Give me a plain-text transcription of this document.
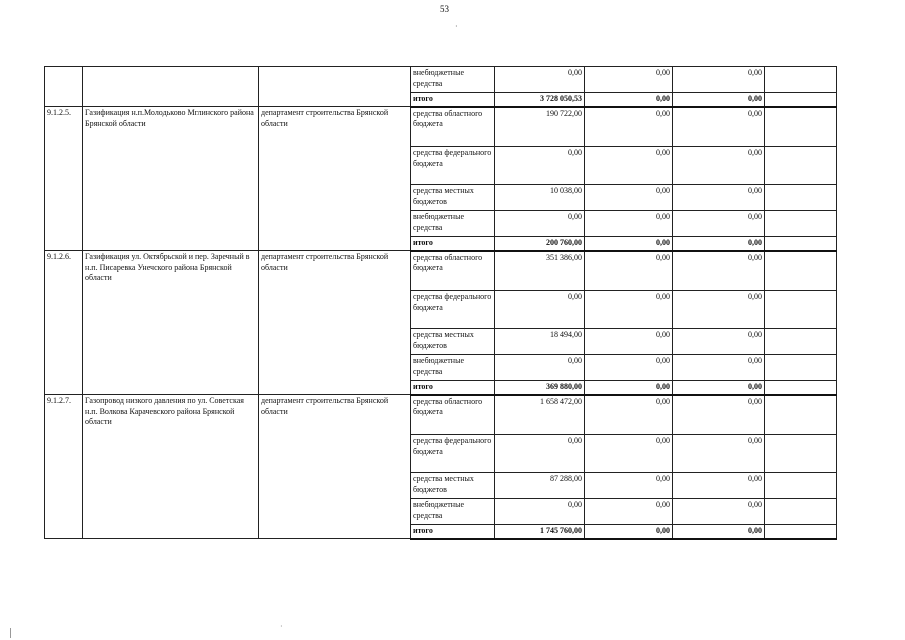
53
·
·
			внебюджетные средства	0,00	0,00	0,00	
			итого	3 728 050,53	0,00	0,00	
9.1.2.5.	Газификация н.п.Молодьково Мглинского района Брянской области	департамент строительства Брянской области	средства областного бюджета	190 722,00	0,00	0,00	
			средства федерального бюджета	0,00	0,00	0,00	
			средства местных бюджетов	10 038,00	0,00	0,00	
			внебюджетные средства	0,00	0,00	0,00	
			итого	200 760,00	0,00	0,00	
9.1.2.6.	Газификация ул. Октябрьской и пер. Заречный в н.п. Писаревка Унечского района Брянской области	департамент строительства Брянской области	средства областного бюджета	351 386,00	0,00	0,00	
			средства федерального бюджета	0,00	0,00	0,00	
			средства местных бюджетов	18 494,00	0,00	0,00	
			внебюджетные средства	0,00	0,00	0,00	
			итого	369 880,00	0,00	0,00	
9.1.2.7.	Газопровод низкого давления по ул. Советская н.п. Волкова Карачевского района Брянской области	департамент строительства Брянской области	средства областного бюджета	1 658 472,00	0,00	0,00	
			средства федерального бюджета	0,00	0,00	0,00	
			средства местных бюджетов	87 288,00	0,00	0,00	
			внебюджетные средства	0,00	0,00	0,00	
			итого	1 745 760,00	0,00	0,00	
